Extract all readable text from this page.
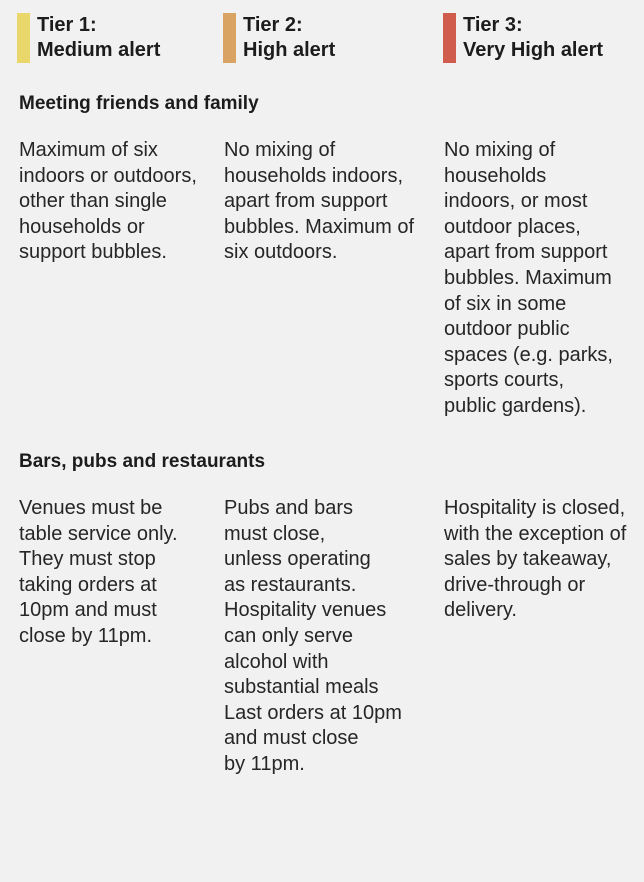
Tier 1:
Medium alert
Tier 2:
High alert
Tier 3:
Very High alert
Meeting friends and family
Maximum of six
indoors or outdoors,
other than single
households or
support bubbles.
No mixing of
households indoors,
apart from support
bubbles. Maximum of
six outdoors.
No mixing of
households
indoors, or most
outdoor places,
apart from support
bubbles. Maximum
of six in some
outdoor public
spaces (e.g. parks,
sports courts,
public gardens).
Bars, pubs and restaurants
Venues must be
table service only.
They must stop
taking orders at
10pm and must
close by 11pm.
Pubs and bars
must close,
unless operating
as restaurants.
Hospitality venues
can only serve
alcohol with
substantial meals
Last orders at 10pm
and must close
by 11pm.
Hospitality is closed,
with the exception of
sales by takeaway,
drive-through or
delivery.
